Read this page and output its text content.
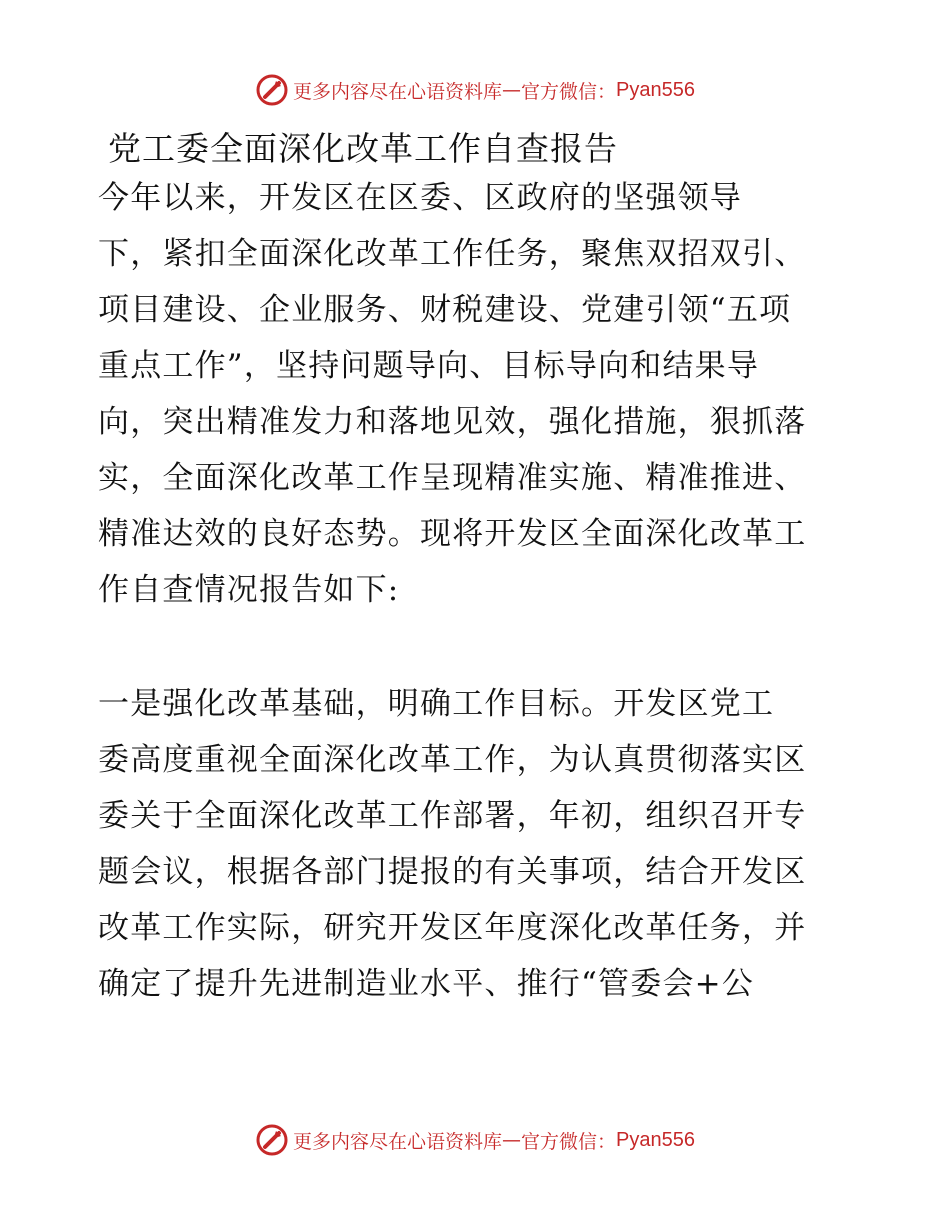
更多内容尽在心语资料库 — 官方微信： Pyan556
党工委全面深化改革工作自查报告
今年以来，开发区在区委、区政府的坚强领导
下，紧扣全面深化改革工作任务，聚焦双招双引、
项目建设、企业服务、财税建设、党建引领“五项
重点工作”，坚持问题导向、目标导向和结果导
向，突出精准发力和落地见效，强化措施，狠抓落
实，全面深化改革工作呈现精准实施、精准推进、
精准达效的良好态势。现将开发区全面深化改革工
作自查情况报告如下:
一是强化改革基础，明确工作目标。开发区党工
委高度重视全面深化改革工作，为认真贯彻落实区
委关于全面深化改革工作部署，年初，组织召开专
题会议，根据各部门提报的有关事项，结合开发区
改革工作实际，研究开发区年度深化改革任务，并
确定了提升先进制造业水平、推行“管委会+公
更多内容尽在心语资料库 — 官方微信： Pyan556
